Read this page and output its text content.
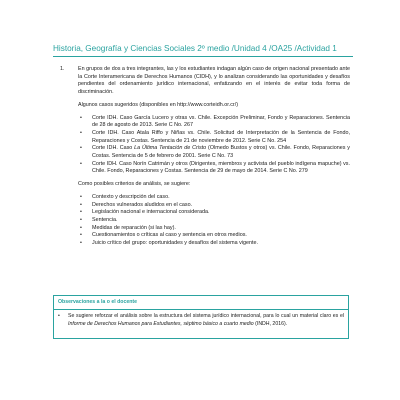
Historia, Geografía y Ciencias Sociales 2º medio /Unidad 4 /OA25 /Actividad 1
1.	En grupos de dos a tres integrantes, las y los estudiantes indagan algún caso de origen nacional presentado ante la Corte Interamericana de Derechos Humanos (CIDH), y lo analizan considerando las oportunidades y desafíos pendientes del ordenamiento jurídico internacional, enfatizando en el interés de evitar toda forma de discriminación.
Algunos casos sugeridos (disponibles en http://www.corteidh.or.cr/)
• Corte IDH. Caso García Lucero y otras vs. Chile. Excepción Preliminar, Fondo y Reparaciones. Sentencia de 28 de agosto de 2013. Serie C No. 267
• Corte IDH. Caso Atala Riffo y Niñas vs. Chile. Solicitud de Interpretación de la Sentencia de Fondo, Reparaciones y Costas. Sentencia de 21 de noviembre de 2012. Serie C No. 254
• Corte IDH. Caso La Última Tentación de Cristo (Olmedo Bustos y otros) vs. Chile. Fondo, Reparaciones y Costas. Sentencia de 5 de febrero de 2001. Serie C No. 73
• Corte IDH. Caso Norín Catrimán y otros (Dirigentes, miembros y activista del pueblo indígena mapuche) vs. Chile. Fondo, Reparaciones y Costas. Sentencia de 29 de mayo de 2014. Serie C No. 279
Como posibles criterios de análisis, se sugiere:
• Contexto y descripción del caso.
• Derechos vulnerados aludidos en el caso.
• Legislación nacional e internacional considerada.
• Sentencia.
• Medidas de reparación (si las hay).
• Cuestionamientos o críticas al caso y sentencia en otros medios.
• Juicio crítico del grupo: oportunidades y desafíos del sistema vigente.
Observaciones a la o el docente
•	Se sugiere reforzar el análisis sobre la estructura del sistema jurídico internacional, para lo cual un material claro es el Informe de Derechos Humanos para Estudiantes, séptimo básico a cuarto medio (INDH, 2016).
